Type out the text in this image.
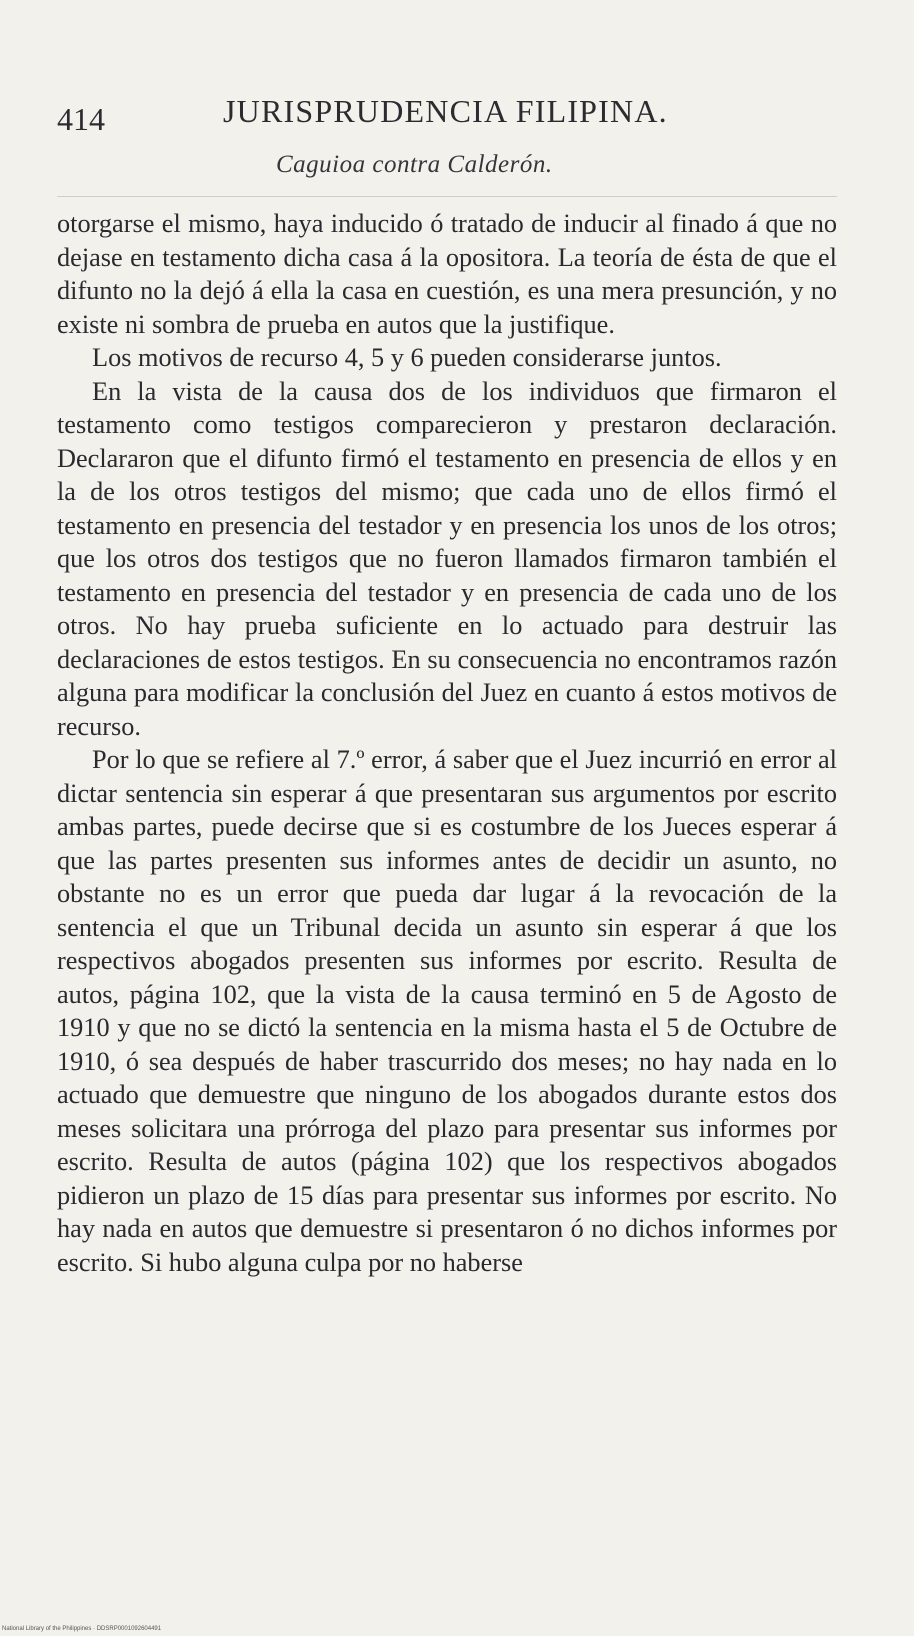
414	JURISPRUDENCIA FILIPINA.
Caguioa contra Calderón.

otorgarse el mismo, haya inducido ó tratado de inducir al finado á que no dejase en testamento dicha casa á la opositora. La teoría de ésta de que el difunto no la dejó á ella la casa en cuestión, es una mera presunción, y no existe ni sombra de prueba en autos que la justifique.

Los motivos de recurso 4, 5 y 6 pueden considerarse juntos.

En la vista de la causa dos de los individuos que firmaron el testamento como testigos comparecieron y prestaron declaración. Declararon que el difunto firmó el testamento en presencia de ellos y en la de los otros testigos del mismo; que cada uno de ellos firmó el testamento en presencia del testador y en presencia los unos de los otros; que los otros dos testigos que no fueron llamados firmaron también el testamento en presencia del testador y en presencia de cada uno de los otros. No hay prueba suficiente en lo actuado para destruir las declaraciones de estos testigos. En su consecuencia no encontramos razón alguna para modificar la conclusión del Juez en cuanto á estos motivos de recurso.

Por lo que se refiere al 7.º error, á saber que el Juez incurrió en error al dictar sentencia sin esperar á que presentaran sus argumentos por escrito ambas partes, puede decirse que si es costumbre de los Jueces esperar á que las partes presenten sus informes antes de decidir un asunto, no obstante no es un error que pueda dar lugar á la revocación de la sentencia el que un Tribunal decida un asunto sin esperar á que los respectivos abogados presenten sus informes por escrito. Resulta de autos, página 102, que la vista de la causa terminó en 5 de Agosto de 1910 y que no se dictó la sentencia en la misma hasta el 5 de Octubre de 1910, ó sea después de haber trascurrido dos meses; no hay nada en lo actuado que demuestre que ninguno de los abogados durante estos dos meses solicitara una prórroga del plazo para presentar sus informes por escrito. Resulta de autos (página 102) que los respectivos abogados pidieron un plazo de 15 días para presentar sus informes por escrito. No hay nada en autos que demuestre si presentaron ó no dichos informes por escrito. Si hubo alguna culpa por no haberse

National Library of the Philippines · DDSRP0001092604491
